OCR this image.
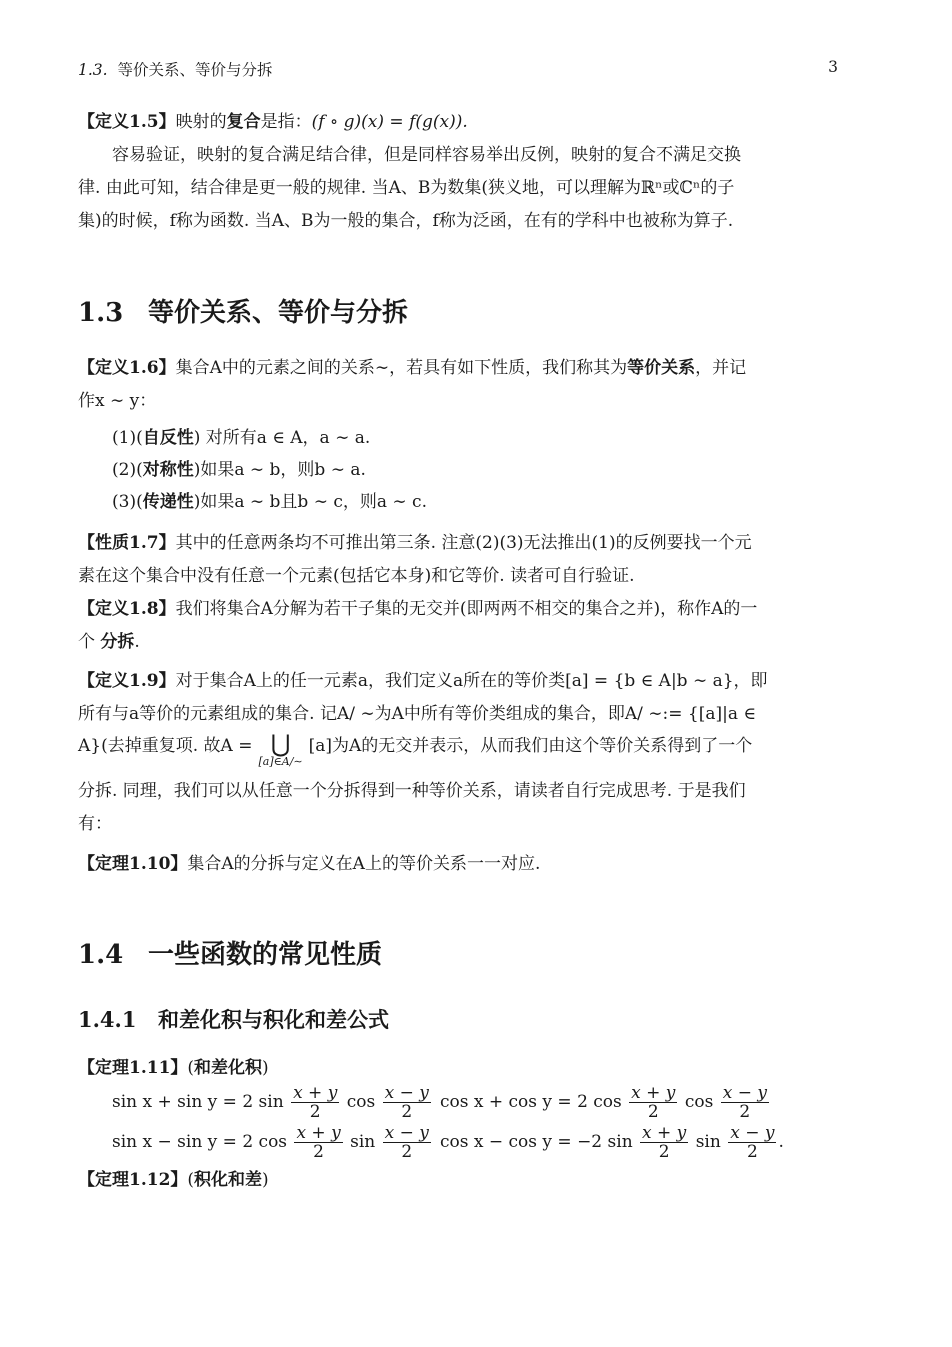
1.3. 等价关系、等价与分拆	3
【定义1.5】映射的复合是指：(f ∘ g)(x) = f(g(x)).
容易验证，映射的复合满足结合律，但是同样容易举出反例，映射的复合不满足交换
律. 由此可知，结合律是更一般的规律. 当A、B为数集(狭义地，可以理解为ℝⁿ或ℂⁿ的子
集)的时候，f称为函数. 当A、B为一般的集合，f称为泛函，在有的学科中也被称为算子.
1.3 等价关系、等价与分拆
【定义1.6】集合A中的元素之间的关系∼，若具有如下性质，我们称其为等价关系，并记
作x ∼ y：
(1)(自反性) 对所有a ∈ A，a ∼ a.
(2)(对称性)如果a ∼ b，则b ∼ a.
(3)(传递性)如果a ∼ b且b ∼ c，则a ∼ c.
【性质1.7】其中的任意两条均不可推出第三条. 注意(2)(3)无法推出(1)的反例要找一个元
素在这个集合中没有任意一个元素(包括它本身)和它等价. 读者可自行验证.
【定义1.8】我们将集合A分解为若干子集的无交并(即两两不相交的集合之并)，称作A的一
个 分拆.
【定义1.9】对于集合A上的任一元素a，我们定义a所在的等价类[a] = {b ∈ A|b ∼ a}，即
所有与a等价的元素组成的集合. 记A/ ∼为A中所有等价类组成的集合，即A/ ∼:= {[a]|a ∈
A}(去掉重复项. 故A = ⋃
[a]∈A/∼
[a]为A的无交并表示，从而我们由这个等价关系得到了一个
分拆. 同理，我们可以从任意一个分拆得到一种等价关系，请读者自行完成思考. 于是我们
有：
【定理1.10】集合A的分拆与定义在A上的等价关系一一对应.
1.4 一些函数的常见性质
1.4.1 和差化积与积化和差公式
【定理1.11】(和差化积)
sin x + sin y = 2 $\sin \frac{x + y}{2}$ $\cos \frac{x - y}{2}$ cos x + cos y = 2 $\cos \frac{x + y}{2}$ $\cos \frac{x - y}{2}$
sin x − sin y = 2 $\cos \frac{x + y}{2}$ $\sin \frac{x - y}{2}$ cos x − cos y = −2 $\sin \frac{x + y}{2}$ $\sin \frac{x - y}{2}$ .
【定理1.12】(积化和差)
